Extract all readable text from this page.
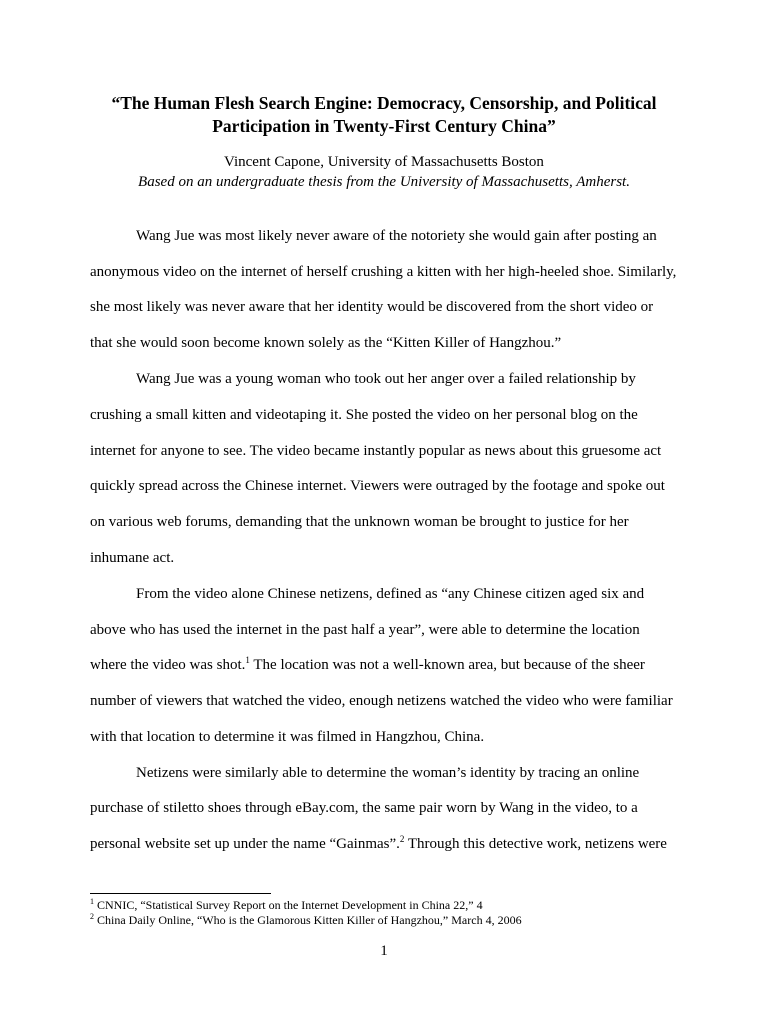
“The Human Flesh Search Engine: Democracy, Censorship, and Political
Participation in Twenty-First Century China”
Vincent Capone, University of Massachusetts Boston
Based on an undergraduate thesis from the University of Massachusetts, Amherst.
Wang Jue was most likely never aware of the notoriety she would gain after posting an
anonymous video on the internet of herself crushing a kitten with her high-heeled shoe. Similarly,
she most likely was never aware that her identity would be discovered from the short video or
that she would soon become known solely as the “Kitten Killer of Hangzhou.”
Wang Jue was a young woman who took out her anger over a failed relationship by
crushing a small kitten and videotaping it. She posted the video on her personal blog on the
internet for anyone to see. The video became instantly popular as news about this gruesome act
quickly spread across the Chinese internet. Viewers were outraged by the footage and spoke out
on various web forums, demanding that the unknown woman be brought to justice for her
inhumane act.
From the video alone Chinese netizens, defined as “any Chinese citizen aged six and
above who has used the internet in the past half a year”, were able to determine the location
where the video was shot.$^1$ The location was not a well-known area, but because of the sheer
number of viewers that watched the video, enough netizens watched the video who were familiar
with that location to determine it was filmed in Hangzhou, China.
Netizens were similarly able to determine the woman’s identity by tracing an online
purchase of stiletto shoes through eBay.com, the same pair worn by Wang in the video, to a
personal website set up under the name “Gainmas”.$^2$ Through this detective work, netizens were
$^1$ CNNIC, “Statistical Survey Report on the Internet Development in China 22,” 4
$^2$ China Daily Online, “Who is the Glamorous Kitten Killer of Hangzhou,” March 4, 2006
1
